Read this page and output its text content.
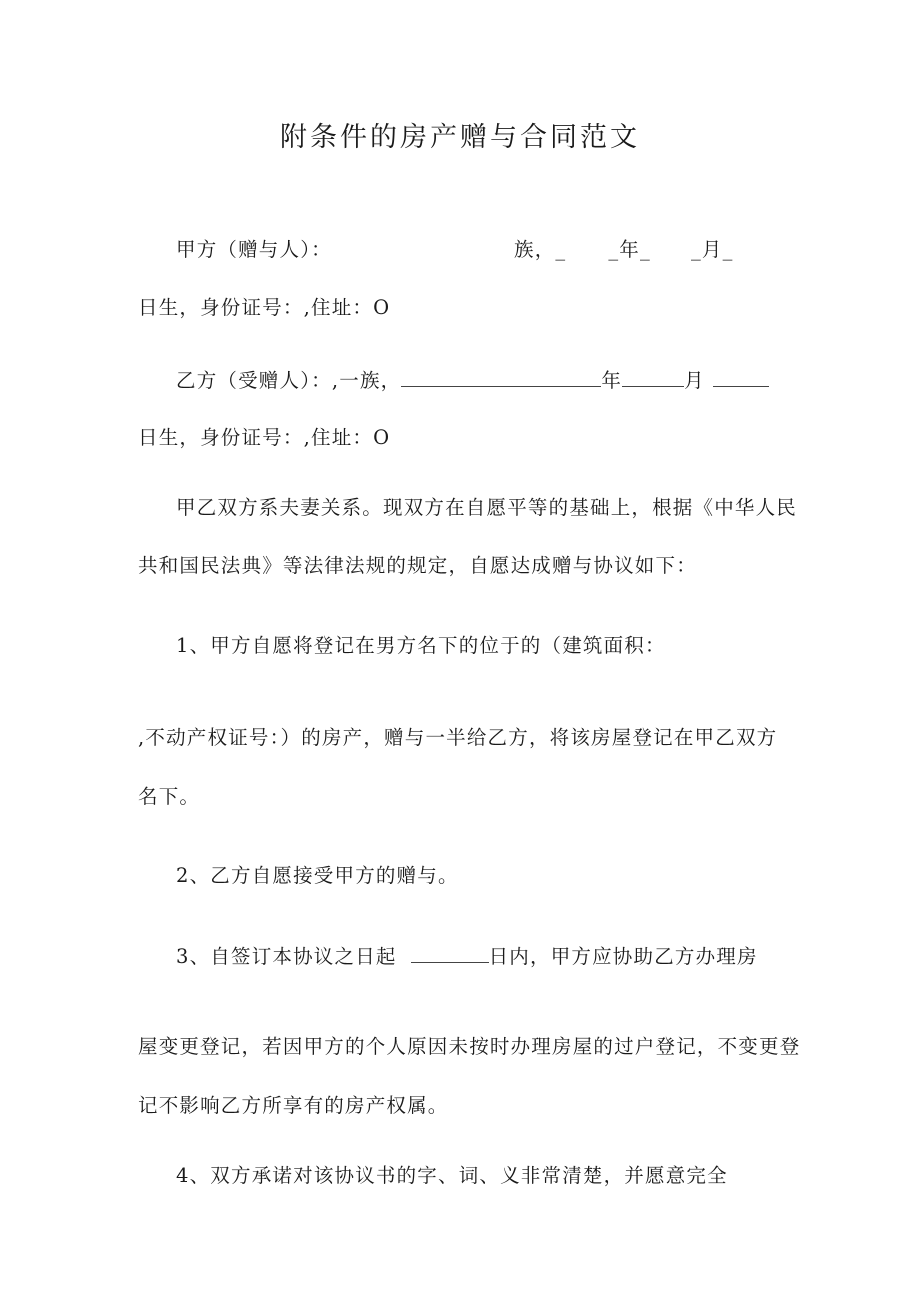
附条件的房产赠与合同范文
甲方（赠与人）：	族，_ _年_ _月_
日生，身份证号：,住址：O
乙方（受赠人）：,一族，	年	月
日生，身份证号：,住址：O
甲乙双方系夫妻关系。现双方在自愿平等的基础上，根据《中华人民
共和国民法典》等法律法规的规定，自愿达成赠与协议如下：
1、甲方自愿将登记在男方名下的位于的（建筑面积：
,不动产权证号：）的房产，赠与一半给乙方，将该房屋登记在甲乙双方
名下。
2、乙方自愿接受甲方的赠与。
3、自签订本协议之日起	日内，甲方应协助乙方办理房
屋变更登记，若因甲方的个人原因未按时办理房屋的过户登记，不变更登
记不影响乙方所享有的房产权属。
4、双方承诺对该协议书的字、词、义非常清楚，并愿意完全
